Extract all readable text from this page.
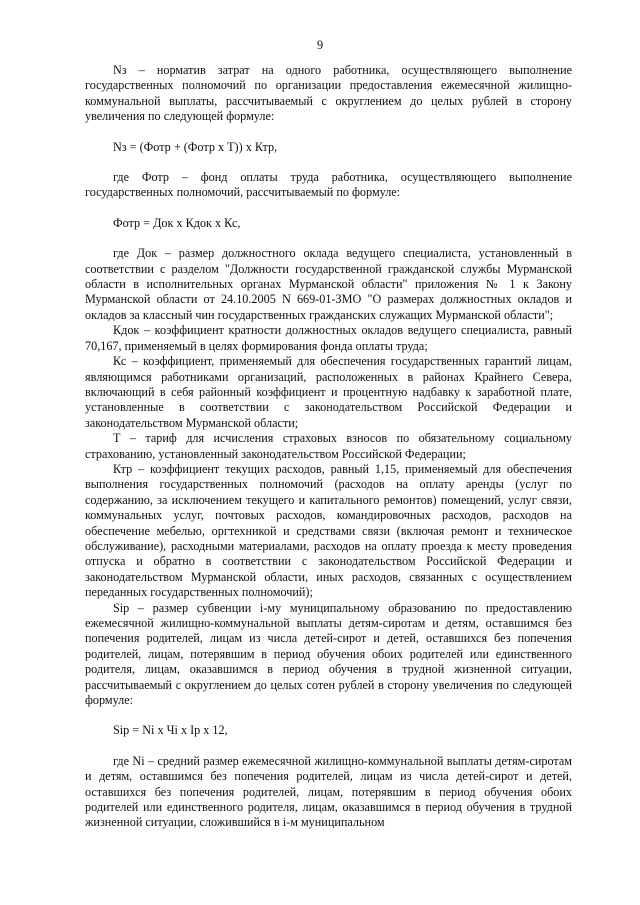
9

Nз – норматив затрат на одного работника, осуществляющего выполнение государственных полномочий по организации предоставления ежемесячной жилищно-коммунальной выплаты, рассчитываемый с округлением до целых рублей в сторону увеличения по следующей формуле:

Nз = (Фотр + (Фотр х Т)) х Ктр,

где Фотр – фонд оплаты труда работника, осуществляющего выполнение государственных полномочий, рассчитываемый по формуле:

Фотр = Док х Кдок х Кс,

где Док – размер должностного оклада ведущего специалиста, установленный в соответствии с разделом "Должности государственной гражданской службы Мурманской области в исполнительных органах Мурманской области" приложения № 1 к Закону Мурманской области от 24.10.2005 N 669-01-ЗМО "О размерах должностных окладов и окладов за классный чин государственных гражданских служащих Мурманской области";

Кдок – коэффициент кратности должностных окладов ведущего специалиста, равный 70,167, применяемый в целях формирования фонда оплаты труда;

Кс – коэффициент, применяемый для обеспечения государственных гарантий лицам, являющимся работниками организаций, расположенных в районах Крайнего Севера, включающий в себя районный коэффициент и процентную надбавку к заработной плате, установленные в соответствии с законодательством Российской Федерации и законодательством Мурманской области;

Т – тариф для исчисления страховых взносов по обязательному социальному страхованию, установленный законодательством Российской Федерации;

Ктр – коэффициент текущих расходов, равный 1,15, применяемый для обеспечения выполнения государственных полномочий (расходов на оплату аренды (услуг по содержанию, за исключением текущего и капитального ремонтов) помещений, услуг связи, коммунальных услуг, почтовых расходов, командировочных расходов, расходов на обеспечение мебелью, оргтехникой и средствами связи (включая ремонт и техническое обслуживание), расходными материалами, расходов на оплату проезда к месту проведения отпуска и обратно в соответствии с законодательством Российской Федерации и законодательством Мурманской области, иных расходов, связанных с осуществлением переданных государственных полномочий);

Sip – размер субвенции i-му муниципальному образованию по предоставлению ежемесячной жилищно-коммунальной выплаты детям-сиротам и детям, оставшимся без попечения родителей, лицам из числа детей-сирот и детей, оставшихся без попечения родителей, лицам, потерявшим в период обучения обоих родителей или единственного родителя, лицам, оказавшимся в период обучения в трудной жизненной ситуации, рассчитываемый с округлением до целых сотен рублей в сторону увеличения по следующей формуле:

Sip = Ni х Чi х Ip х 12,

где Ni – средний размер ежемесячной жилищно-коммунальной выплаты детям-сиротам и детям, оставшимся без попечения родителей, лицам из числа детей-сирот и детей, оставшихся без попечения родителей, лицам, потерявшим в период обучения обоих родителей или единственного родителя, лицам, оказавшимся в период обучения в трудной жизненной ситуации, сложившийся в i-м муниципальном
